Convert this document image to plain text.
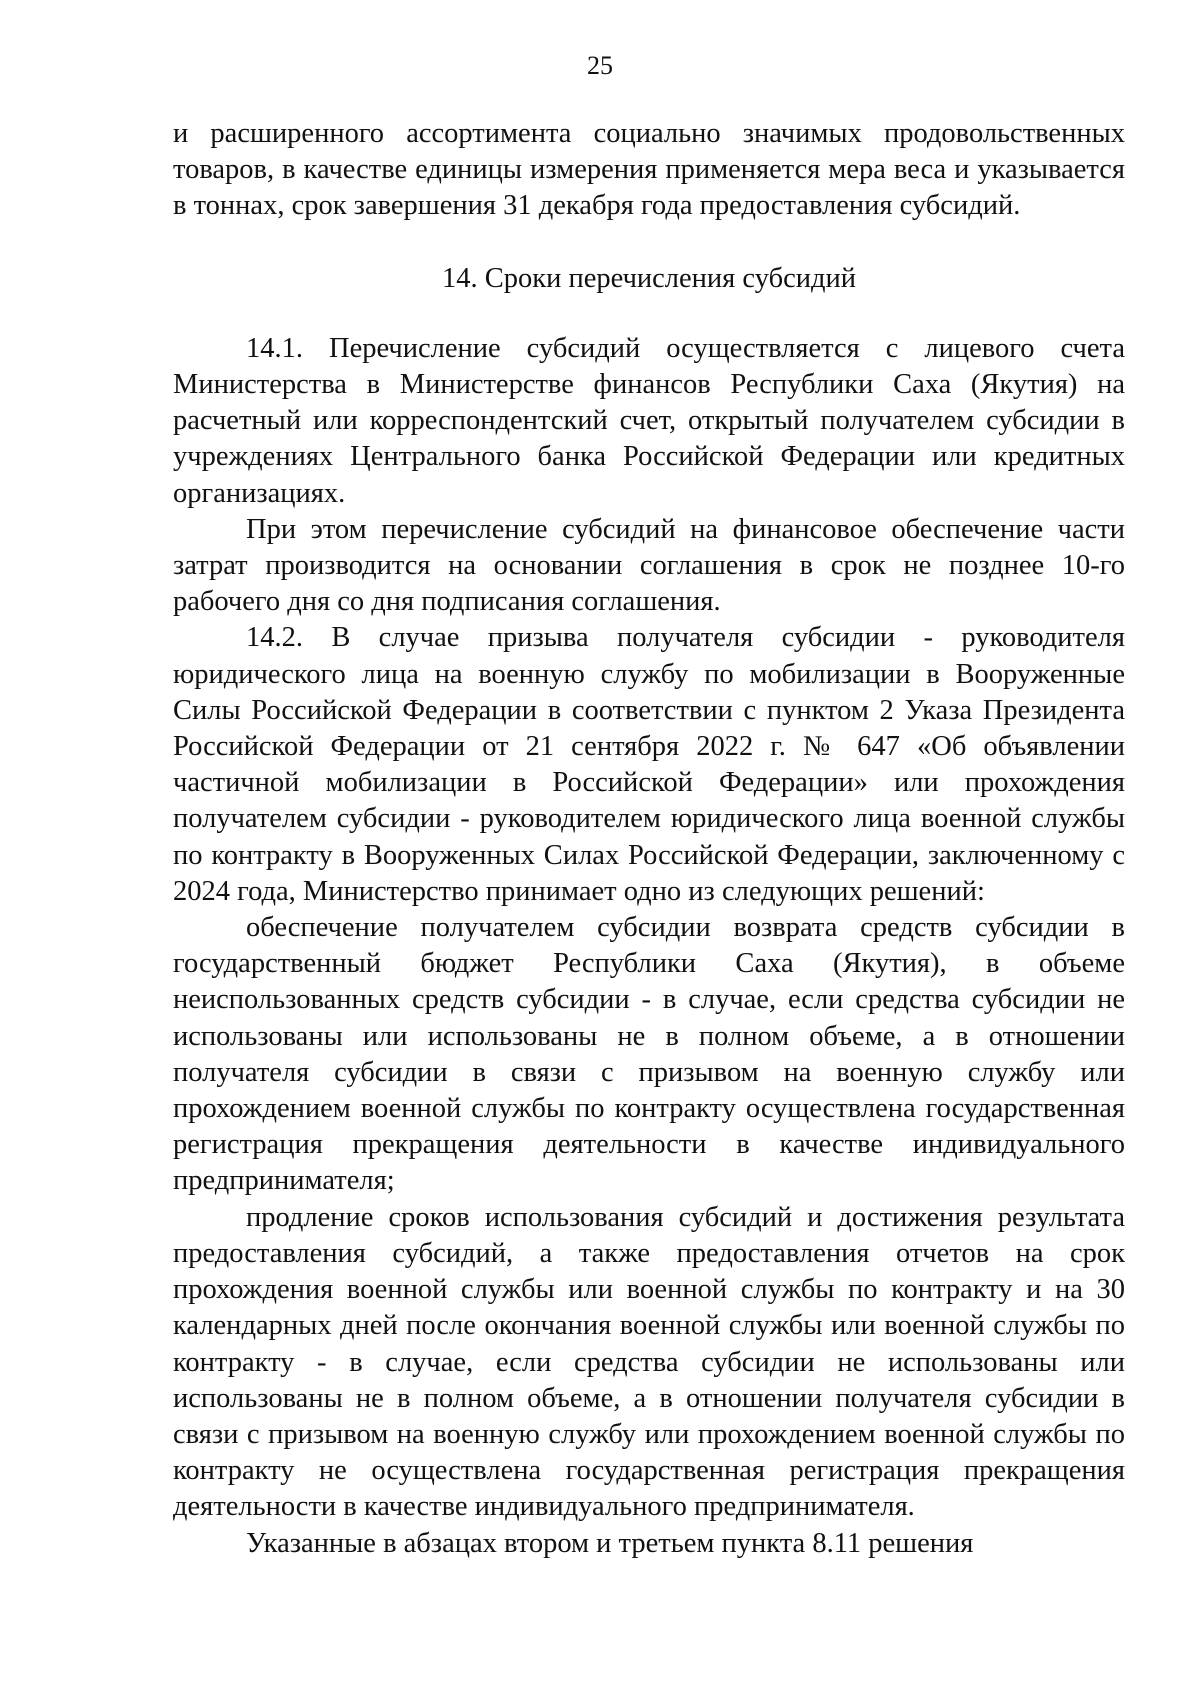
25

и расширенного ассортимента социально значимых продовольственных товаров, в качестве единицы измерения применяется мера веса и указывается в тоннах, срок завершения 31 декабря года предоставления субсидий.

14. Сроки перечисления субсидий

14.1. Перечисление субсидий осуществляется с лицевого счета Министерства в Министерстве финансов Республики Саха (Якутия) на расчетный или корреспондентский счет, открытый получателем субсидии в учреждениях Центрального банка Российской Федерации или кредитных организациях.

При этом перечисление субсидий на финансовое обеспечение части затрат производится на основании соглашения в срок не позднее 10-го рабочего дня со дня подписания соглашения.

14.2. В случае призыва получателя субсидии - руководителя юридического лица на военную службу по мобилизации в Вооруженные Силы Российской Федерации в соответствии с пунктом 2 Указа Президента Российской Федерации от 21 сентября 2022 г. № 647 «Об объявлении частичной мобилизации в Российской Федерации» или прохождения получателем субсидии - руководителем юридического лица военной службы по контракту в Вооруженных Силах Российской Федерации, заключенному с 2024 года, Министерство принимает одно из следующих решений:

обеспечение получателем субсидии возврата средств субсидии в государственный бюджет Республики Саха (Якутия), в объеме неиспользованных средств субсидии - в случае, если средства субсидии не использованы или использованы не в полном объеме, а в отношении получателя субсидии в связи с призывом на военную службу или прохождением военной службы по контракту осуществлена государственная регистрация прекращения деятельности в качестве индивидуального предпринимателя;

продление сроков использования субсидий и достижения результата предоставления субсидий, а также предоставления отчетов на срок прохождения военной службы или военной службы по контракту и на 30 календарных дней после окончания военной службы или военной службы по контракту - в случае, если средства субсидии не использованы или использованы не в полном объеме, а в отношении получателя субсидии в связи с призывом на военную службу или прохождением военной службы по контракту не осуществлена государственная регистрация прекращения деятельности в качестве индивидуального предпринимателя.

Указанные в абзацах втором и третьем пункта 8.11 решения
